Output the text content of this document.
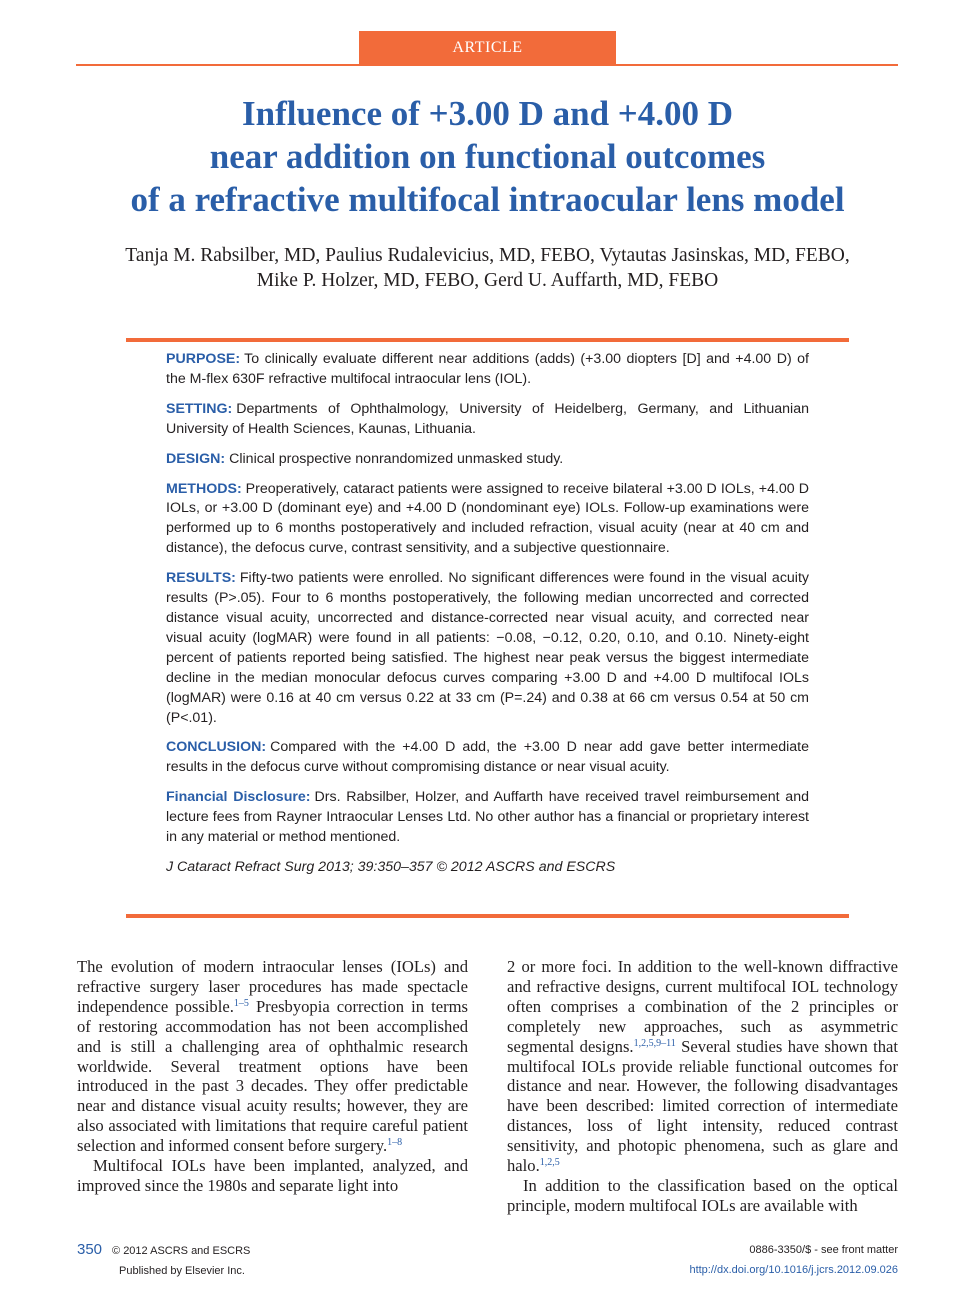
ARTICLE
Influence of +3.00 D and +4.00 D
near addition on functional outcomes
of a refractive multifocal intraocular lens model
Tanja M. Rabsilber, MD, Paulius Rudalevicius, MD, FEBO, Vytautas Jasinskas, MD, FEBO,
Mike P. Holzer, MD, FEBO, Gerd U. Auffarth, MD, FEBO

PURPOSE: To clinically evaluate different near additions (adds) (+3.00 diopters [D] and +4.00 D) of the M-flex 630F refractive multifocal intraocular lens (IOL).

SETTING: Departments of Ophthalmology, University of Heidelberg, Germany, and Lithuanian University of Health Sciences, Kaunas, Lithuania.

DESIGN: Clinical prospective nonrandomized unmasked study.

METHODS: Preoperatively, cataract patients were assigned to receive bilateral +3.00 D IOLs, +4.00 D IOLs, or +3.00 D (dominant eye) and +4.00 D (nondominant eye) IOLs. Follow-up examinations were performed up to 6 months postoperatively and included refraction, visual acuity (near at 40 cm and distance), the defocus curve, contrast sensitivity, and a subjective questionnaire.

RESULTS: Fifty-two patients were enrolled. No significant differences were found in the visual acuity results (P>.05). Four to 6 months postoperatively, the following median uncorrected and corrected distance visual acuity, uncorrected and distance-corrected near visual acuity, and corrected near visual acuity (logMAR) were found in all patients: −0.08, −0.12, 0.20, 0.10, and 0.10. Ninety-eight percent of patients reported being satisfied. The highest near peak versus the biggest intermediate decline in the median monocular defocus curves comparing +3.00 D and +4.00 D multifocal IOLs (logMAR) were 0.16 at 40 cm versus 0.22 at 33 cm (P=.24) and 0.38 at 66 cm versus 0.54 at 50 cm (P<.01).

CONCLUSION: Compared with the +4.00 D add, the +3.00 D near add gave better intermediate results in the defocus curve without compromising distance or near visual acuity.

Financial Disclosure: Drs. Rabsilber, Holzer, and Auffarth have received travel reimbursement and lecture fees from Rayner Intraocular Lenses Ltd. No other author has a financial or proprietary interest in any material or method mentioned.

J Cataract Refract Surg 2013; 39:350–357 © 2012 ASCRS and ESCRS

The evolution of modern intraocular lenses (IOLs) and refractive surgery laser procedures has made spectacle independence possible.$^{1-5}$ Presbyopia correction in terms of restoring accommodation has not been accomplished and is still a challenging area of ophthalmic research worldwide. Several treatment options have been introduced in the past 3 decades. They offer predictable near and distance visual acuity results; however, they are also associated with limitations that require careful patient selection and informed consent before surgery.$^{1-8}$

Multifocal IOLs have been implanted, analyzed, and improved since the 1980s and separate light into

2 or more foci. In addition to the well-known diffractive and refractive designs, current multifocal IOL technology often comprises a combination of the 2 principles or completely new approaches, such as asymmetric segmental designs.$^{1,2,5,9-11}$ Several studies have shown that multifocal IOLs provide reliable functional outcomes for distance and near. However, the following disadvantages have been described: limited correction of intermediate distances, loss of light intensity, reduced contrast sensitivity, and photopic phenomena, such as glare and halo.$^{1,2,5}$

In addition to the classification based on the optical principle, modern multifocal IOLs are available with

350 © 2012 ASCRS and ESCRS
Published by Elsevier Inc.
0886-3350/$ - see front matter
http://dx.doi.org/10.1016/j.jcrs.2012.09.026
